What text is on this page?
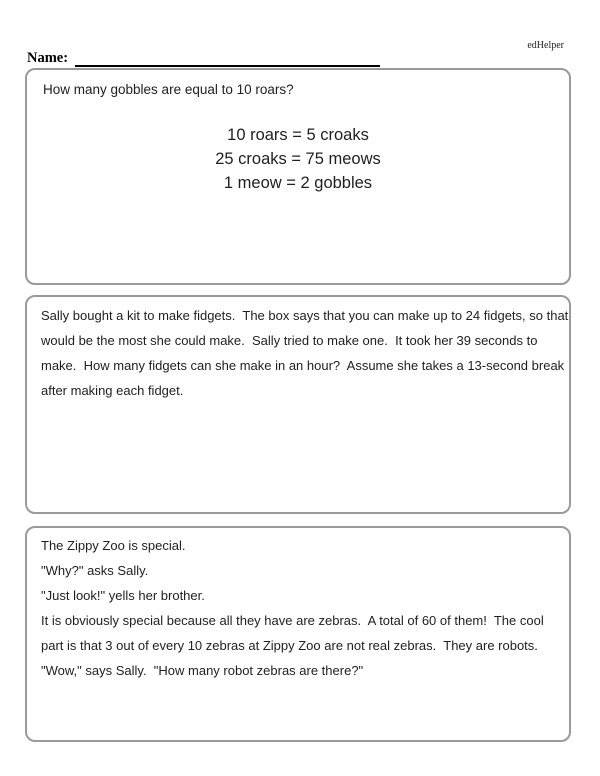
edHelper
Name:
How many gobbles are equal to 10 roars?
10 roars = 5 croaks
25 croaks = 75 meows
1 meow = 2 gobbles
Sally bought a kit to make fidgets.  The box says that you can make up to 24 fidgets, so that
would be the most she could make.  Sally tried to make one.  It took her 39 seconds to
make.  How many fidgets can she make in an hour?  Assume she takes a 13-second break
after making each fidget.
The Zippy Zoo is special.
"Why?" asks Sally.
"Just look!" yells her brother.
It is obviously special because all they have are zebras.  A total of 60 of them!  The cool
part is that 3 out of every 10 zebras at Zippy Zoo are not real zebras.  They are robots.
"Wow," says Sally.  "How many robot zebras are there?"
